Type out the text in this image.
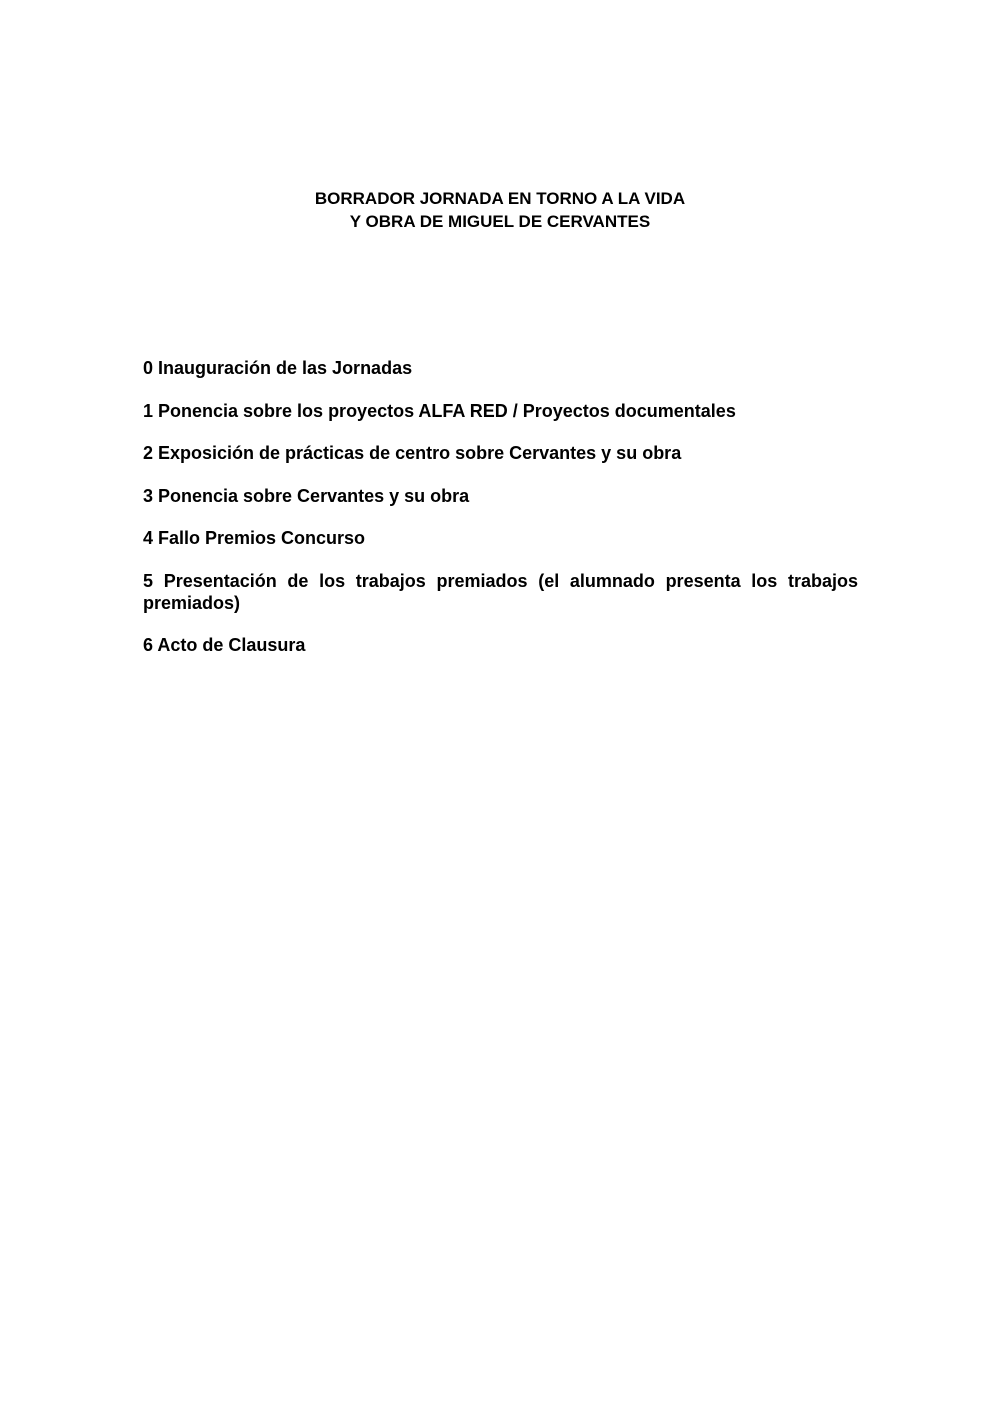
BORRADOR JORNADA EN TORNO A LA VIDA
Y OBRA DE MIGUEL DE CERVANTES
0 Inauguración de las Jornadas
1 Ponencia sobre los proyectos ALFA RED / Proyectos documentales
2 Exposición de prácticas de centro sobre Cervantes y su obra
3 Ponencia sobre Cervantes y su obra
4 Fallo Premios Concurso
5 Presentación de los trabajos premiados (el alumnado presenta los trabajos premiados)
6 Acto de Clausura
